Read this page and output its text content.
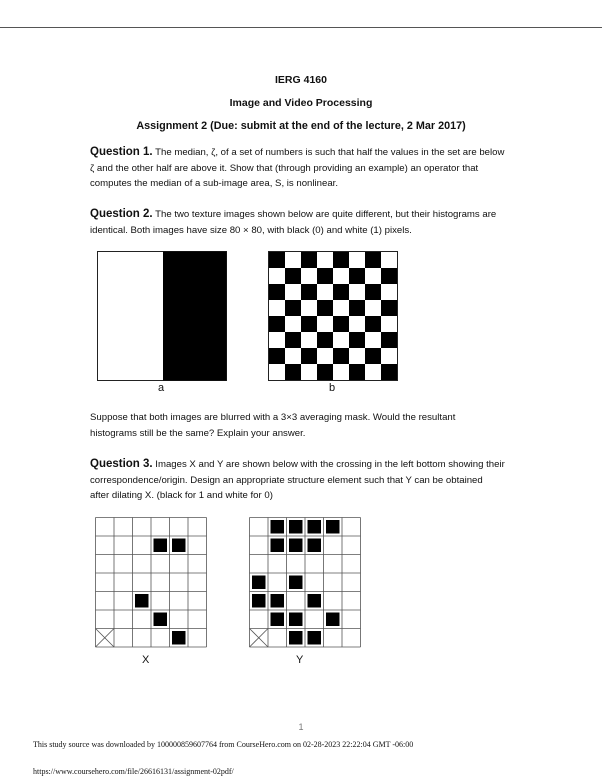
IERG 4160
Image and Video Processing
Assignment 2 (Due: submit at the end of the lecture, 2 Mar 2017)
Question 1. The median, ζ, of a set of numbers is such that half the values in the set are below
ζ and the other half are above it. Show that (through providing an example) an operator that
computes the median of a sub-image area, S, is nonlinear.
Question 2. The two texture images shown below are quite different, but their histograms are
identical. Both images have size 80 × 80, with black (0) and white (1) pixels.
a	b
Suppose that both images are blurred with a 3×3 averaging mask. Would the resultant
histograms still be the same? Explain your answer.
Question 3. Images X and Y are shown below with the crossing in the left bottom showing their
correspondence/origin. Design an appropriate structure element such that Y can be obtained
after dilating X. (black for 1 and white for 0)
X	Y
1
This study source was downloaded by 100000859607764 from CourseHero.com on 02-28-2023 22:22:04 GMT -06:00
https://www.coursehero.com/file/26616131/assignment-02pdf/
